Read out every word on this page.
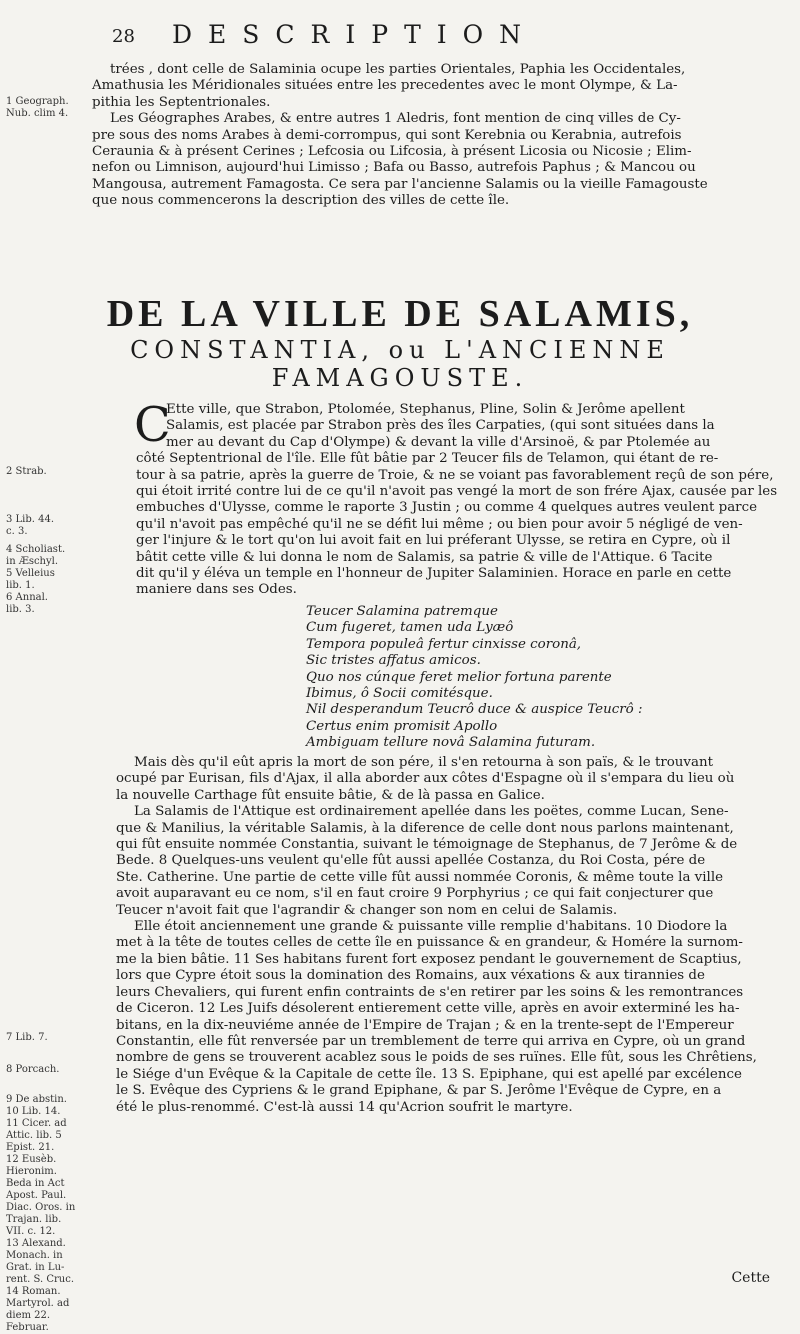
28 DESCRIPTION
1 Geograph.
Nub. clim 4.
2 Strab.
3 Lib. 44.
c. 3.
4 Scholiast.
in Æschyl.
5 Velleius
lib. 1.
6 Annal.
lib. 3.
7 Lib. 7.
8 Porcach.
9 De abstin.
10 Lib. 14.
11 Cicer. ad
Attic. lib. 5
Epist. 21.
12 Eusèb.
Hieronim.
Beda in Act
Apost. Paul.
Diac. Oros. in
Trajan. lib.
VII. c. 12.
13 Alexand.
Monach. in
Grat. in Lu-
rent. S. Cruc.
14 Roman.
Martyrol. ad
diem 22.
Februar.
trées , dont celle de Salaminia ocupe les parties Orientales, Paphia les Occidentales,
Amathusia les Méridionales situées entre les precedentes avec le mont Olympe, & La-
pithia les Septentrionales.
Les Géographes Arabes, & entre autres 1 Aledris, font mention de cinq villes de Cy-
pre sous des noms Arabes à demi-corrompus, qui sont Kerebnia ou Kerabnia, autrefois
Ceraunia & à présent Cerines ; Lefcosia ou Lifcosia, à présent Licosia ou Nicosie ; Elim-
nefon ou Limnison, aujourd'hui Limisso ; Bafa ou Basso, autrefois Paphus ; & Mancou ou
Mangousa, autrement Famagosta. Ce sera par l'ancienne Salamis ou la vieille Famagouste
que nous commencerons la description des villes de cette île.
DE LA VILLE DE SALAMIS,
CONSTANTIA, ou L'ANCIENNE
FAMAGOUSTE.
C
Ette ville, que Strabon, Ptolomée, Stephanus, Pline, Solin & Jerôme apellent
Salamis, est placée par Strabon près des îles Carpaties, (qui sont situées dans la
mer au devant du Cap d'Olympe) & devant la ville d'Arsinoë, & par Ptolemée au
côté Septentrional de l'île. Elle fût bâtie par 2 Teucer fils de Telamon, qui étant de re-
tour à sa patrie, après la guerre de Troie, & ne se voiant pas favorablement reçû de son pére,
qui étoit irrité contre lui de ce qu'il n'avoit pas vengé la mort de son frére Ajax, causée par les
embuches d'Ulysse, comme le raporte 3 Justin ; ou comme 4 quelques autres veulent parce
qu'il n'avoit pas empêché qu'il ne se défit lui même ; ou bien pour avoir 5 négligé de ven-
ger l'injure & le tort qu'on lui avoit fait en lui préferant Ulysse, se retira en Cypre, où il
bâtit cette ville & lui donna le nom de Salamis, sa patrie & ville de l'Attique. 6 Tacite
dit qu'il y éléva un temple en l'honneur de Jupiter Salaminien. Horace en parle en cette
maniere dans ses Odes.
Teucer Salamina patremque
Cum fugeret, tamen uda Lyæô
Tempora populeâ fertur cinxisse coronâ,
Sic tristes affatus amicos.
Quo nos cúnque feret melior fortuna parente
Ibimus, ô Socii comitésque.
Nil desperandum Teucrô duce & auspice Teucrô :
Certus enim promisit Apollo
Ambiguam tellure novâ Salamina futuram.
Mais dès qu'il eût apris la mort de son pére, il s'en retourna à son païs, & le trouvant
ocupé par Eurisan, fils d'Ajax, il alla aborder aux côtes d'Espagne où il s'empara du lieu où
la nouvelle Carthage fût ensuite bâtie, & de là passa en Galice.
La Salamis de l'Attique est ordinairement apellée dans les poëtes, comme Lucan, Sene-
que & Manilius, la véritable Salamis, à la diference de celle dont nous parlons maintenant,
qui fût ensuite nommée Constantia, suivant le témoignage de Stephanus, de 7 Jerôme & de
Bede. 8 Quelques-uns veulent qu'elle fût aussi apellée Costanza, du Roi Costa, pére de
Ste. Catherine. Une partie de cette ville fût aussi nommée Coronis, & même toute la ville
avoit auparavant eu ce nom, s'il en faut croire 9 Porphyrius ; ce qui fait conjecturer que
Teucer n'avoit fait que l'agrandir & changer son nom en celui de Salamis.
Elle étoit anciennement une grande & puissante ville remplie d'habitans. 10 Diodore la
met à la tête de toutes celles de cette île en puissance & en grandeur, & Homére la surnom-
me la bien bâtie. 11 Ses habitans furent fort exposez pendant le gouvernement de Scaptius,
lors que Cypre étoit sous la domination des Romains, aux véxations & aux tirannies de
leurs Chevaliers, qui furent enfin contraints de s'en retirer par les soins & les remontrances
de Ciceron. 12 Les Juifs désolerent entierement cette ville, après en avoir exterminé les ha-
bitans, en la dix-neuviéme année de l'Empire de Trajan ; & en la trente-sept de l'Empereur
Constantin, elle fût renversée par un tremblement de terre qui arriva en Cypre, où un grand
nombre de gens se trouverent acablez sous le poids de ses ruïnes. Elle fût, sous les Chrêtiens,
le Siége d'un Evêque & la Capitale de cette île. 13 S. Epiphane, qui est apellé par excélence
le S. Evêque des Cypriens & le grand Epiphane, & par S. Jerôme l'Evêque de Cypre, en a
été le plus-renommé. C'est-là aussi 14 qu'Acrion soufrit le martyre.
Cette
